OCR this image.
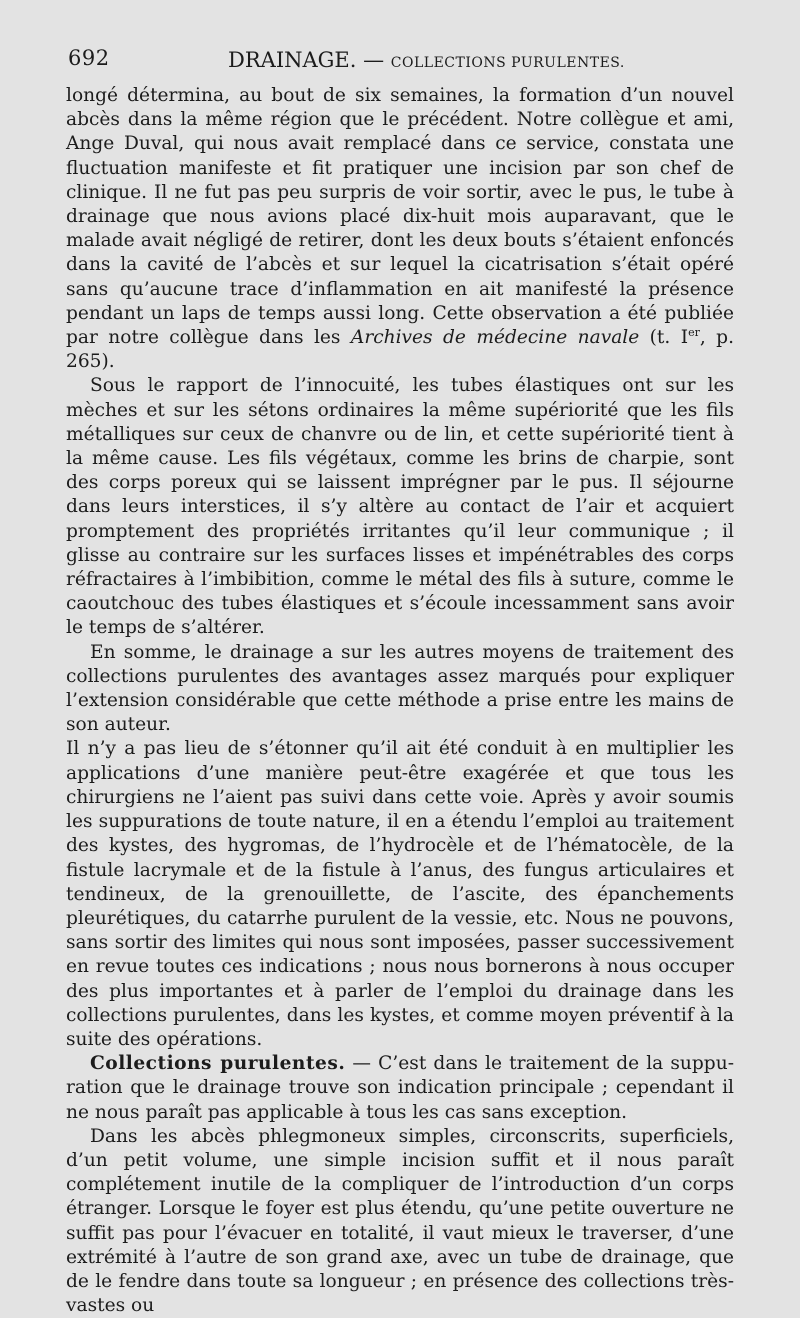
692	DRAINAGE. — COLLECTIONS PURULENTES.

longé détermina, au bout de six semaines, la formation d’un nouvel abcès dans la même région que le précédent. Notre collègue et ami, Ange Duval, qui nous avait remplacé dans ce service, constata une fluctuation manifeste et fit pratiquer une incision par son chef de clinique. Il ne fut pas peu surpris de voir sortir, avec le pus, le tube à drainage que nous avions placé dix-huit mois auparavant, que le malade avait négligé de retirer, dont les deux bouts s’étaient enfoncés dans la cavité de l’abcès et sur lequel la cicatrisation s’était opéré sans qu’aucune trace d’inflammation en ait manifesté la présence pendant un laps de temps aussi long. Cette observation a été publiée par notre collègue dans les Archives de médecine navale (t. Ier, p. 265).

Sous le rapport de l’innocuité, les tubes élastiques ont sur les mèches et sur les sétons ordinaires la même supériorité que les fils métalliques sur ceux de chanvre ou de lin, et cette supériorité tient à la même cause. Les fils végétaux, comme les brins de charpie, sont des corps poreux qui se laissent imprégner par le pus. Il séjourne dans leurs interstices, il s’y altère au contact de l’air et acquiert promptement des propriétés irritantes qu’il leur communique ; il glisse au contraire sur les surfaces lisses et impénétrables des corps réfractaires à l’imbibition, comme le métal des fils à suture, comme le caoutchouc des tubes élastiques et s’écoule incessamment sans avoir le temps de s’altérer.

En somme, le drainage a sur les autres moyens de traitement des collections purulentes des avantages assez marqués pour expliquer l’extension considérable que cette méthode a prise entre les mains de son auteur.

Il n’y a pas lieu de s’étonner qu’il ait été conduit à en multiplier les applications d’une manière peut-être exagérée et que tous les chirurgiens ne l’aient pas suivi dans cette voie. Après y avoir soumis les suppurations de toute nature, il en a étendu l’emploi au traitement des kystes, des hygromas, de l’hydrocèle et de l’hématocèle, de la fistule lacrymale et de la fistule à l’anus, des fungus articulaires et tendineux, de la grenouillette, de l’ascite, des épanchements pleurétiques, du catarrhe purulent de la vessie, etc. Nous ne pouvons, sans sortir des limites qui nous sont imposées, passer successivement en revue toutes ces indications ; nous nous bornerons à nous occuper des plus importantes et à parler de l’emploi du drainage dans les collections purulentes, dans les kystes, et comme moyen préventif à la suite des opérations.

Collections purulentes. — C’est dans le traitement de la suppuration que le drainage trouve son indication principale ; cependant il ne nous paraît pas applicable à tous les cas sans exception.

Dans les abcès phlegmoneux simples, circonscrits, superficiels, d’un petit volume, une simple incision suffit et il nous paraît complétement inutile de la compliquer de l’introduction d’un corps étranger. Lorsque le foyer est plus étendu, qu’une petite ouverture ne suffit pas pour l’évacuer en totalité, il vaut mieux le traverser, d’une extrémité à l’autre de son grand axe, avec un tube de drainage, que de le fendre dans toute sa longueur ; en présence des collections très-vastes ou
